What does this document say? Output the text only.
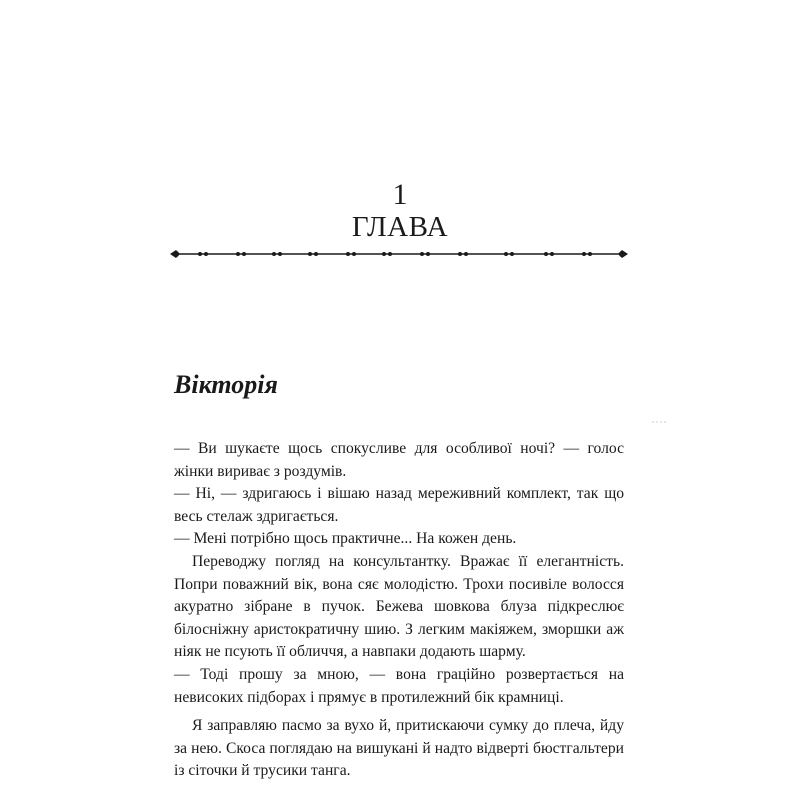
1
ГЛАВА
Вікторія

— Ви шукаєте щось спокусливе для особливої ночі? — голос жінки вириває з роздумів.

— Ні, — здригаюсь і вішаю назад мереживний комплект, так що весь стелаж здригається.

— Мені потрібно щось практичне... На кожен день.

Переводжу погляд на консультантку. Вражає її елегантність. Попри поважний вік, вона сяє молодістю. Трохи посивіле волосся акуратно зібране в пучок. Бежева шовкова блуза підкреслює білосніжну аристократичну шию. З легким макіяжем, зморшки аж ніяк не псують її обличчя, а навпаки додають шарму.

— Тоді прошу за мною, — вона граційно розвертається на невисоких підборах і прямує в протилежний бік крамниці.

Я заправляю пасмо за вухо й, притискаючи сумку до плеча, йду за нею. Скоса поглядаю на вишукані й надто відверті бюстгальтери із сіточки й трусики танга.
